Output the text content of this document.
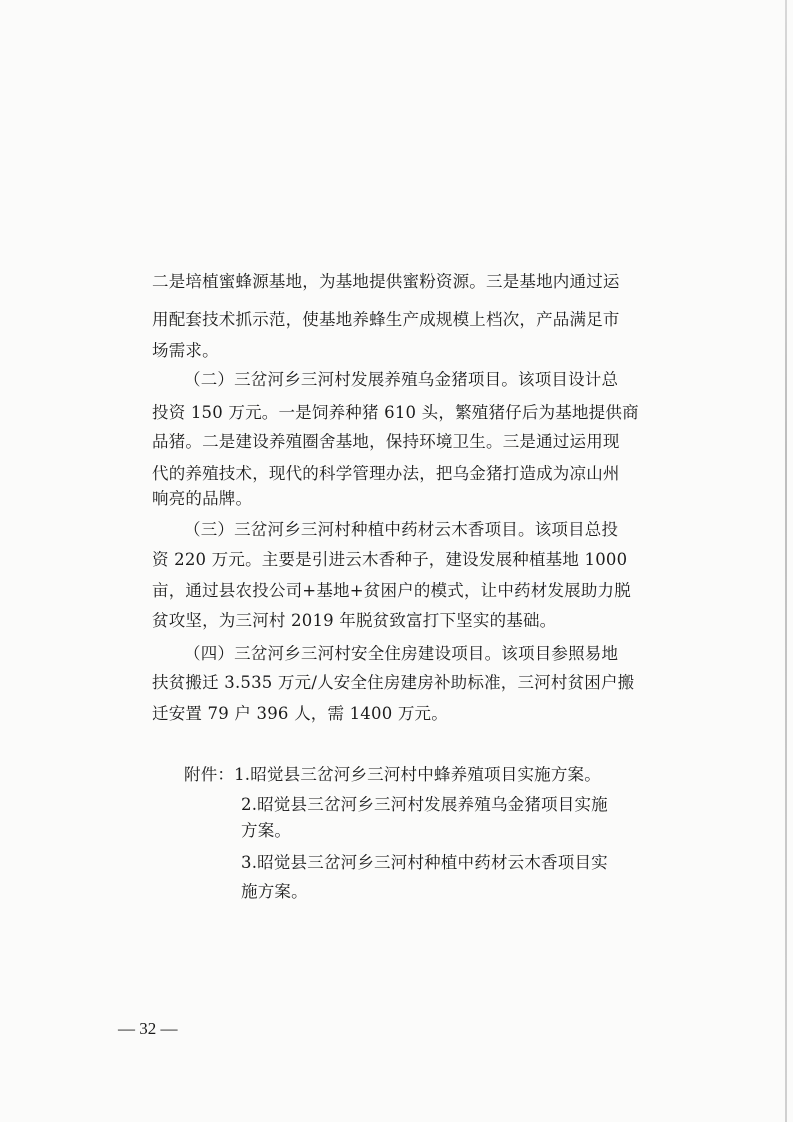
二是培植蜜蜂源基地，为基地提供蜜粉资源。三是基地内通过运
用配套技术抓示范，使基地养蜂生产成规模上档次，产品满足市
场需求。
（二）三岔河乡三河村发展养殖乌金猪项目。该项目设计总
投资 150 万元。一是饲养种猪 610 头，繁殖猪仔后为基地提供商
品猪。二是建设养殖圈舍基地，保持环境卫生。三是通过运用现
代的养殖技术，现代的科学管理办法，把乌金猪打造成为凉山州
响亮的品牌。
（三）三岔河乡三河村种植中药材云木香项目。该项目总投
资 220 万元。主要是引进云木香种子，建设发展种植基地 1000
亩，通过县农投公司+基地+贫困户的模式，让中药材发展助力脱
贫攻坚，为三河村 2019 年脱贫致富打下坚实的基础。
（四）三岔河乡三河村安全住房建设项目。该项目参照易地
扶贫搬迁 3.535 万元/人安全住房建房补助标准，三河村贫困户搬
迁安置 79 户 396 人，需 1400 万元。
附件：1.昭觉县三岔河乡三河村中蜂养殖项目实施方案。
2.昭觉县三岔河乡三河村发展养殖乌金猪项目实施
方案。
3.昭觉县三岔河乡三河村种植中药材云木香项目实
施方案。
— 32 —
